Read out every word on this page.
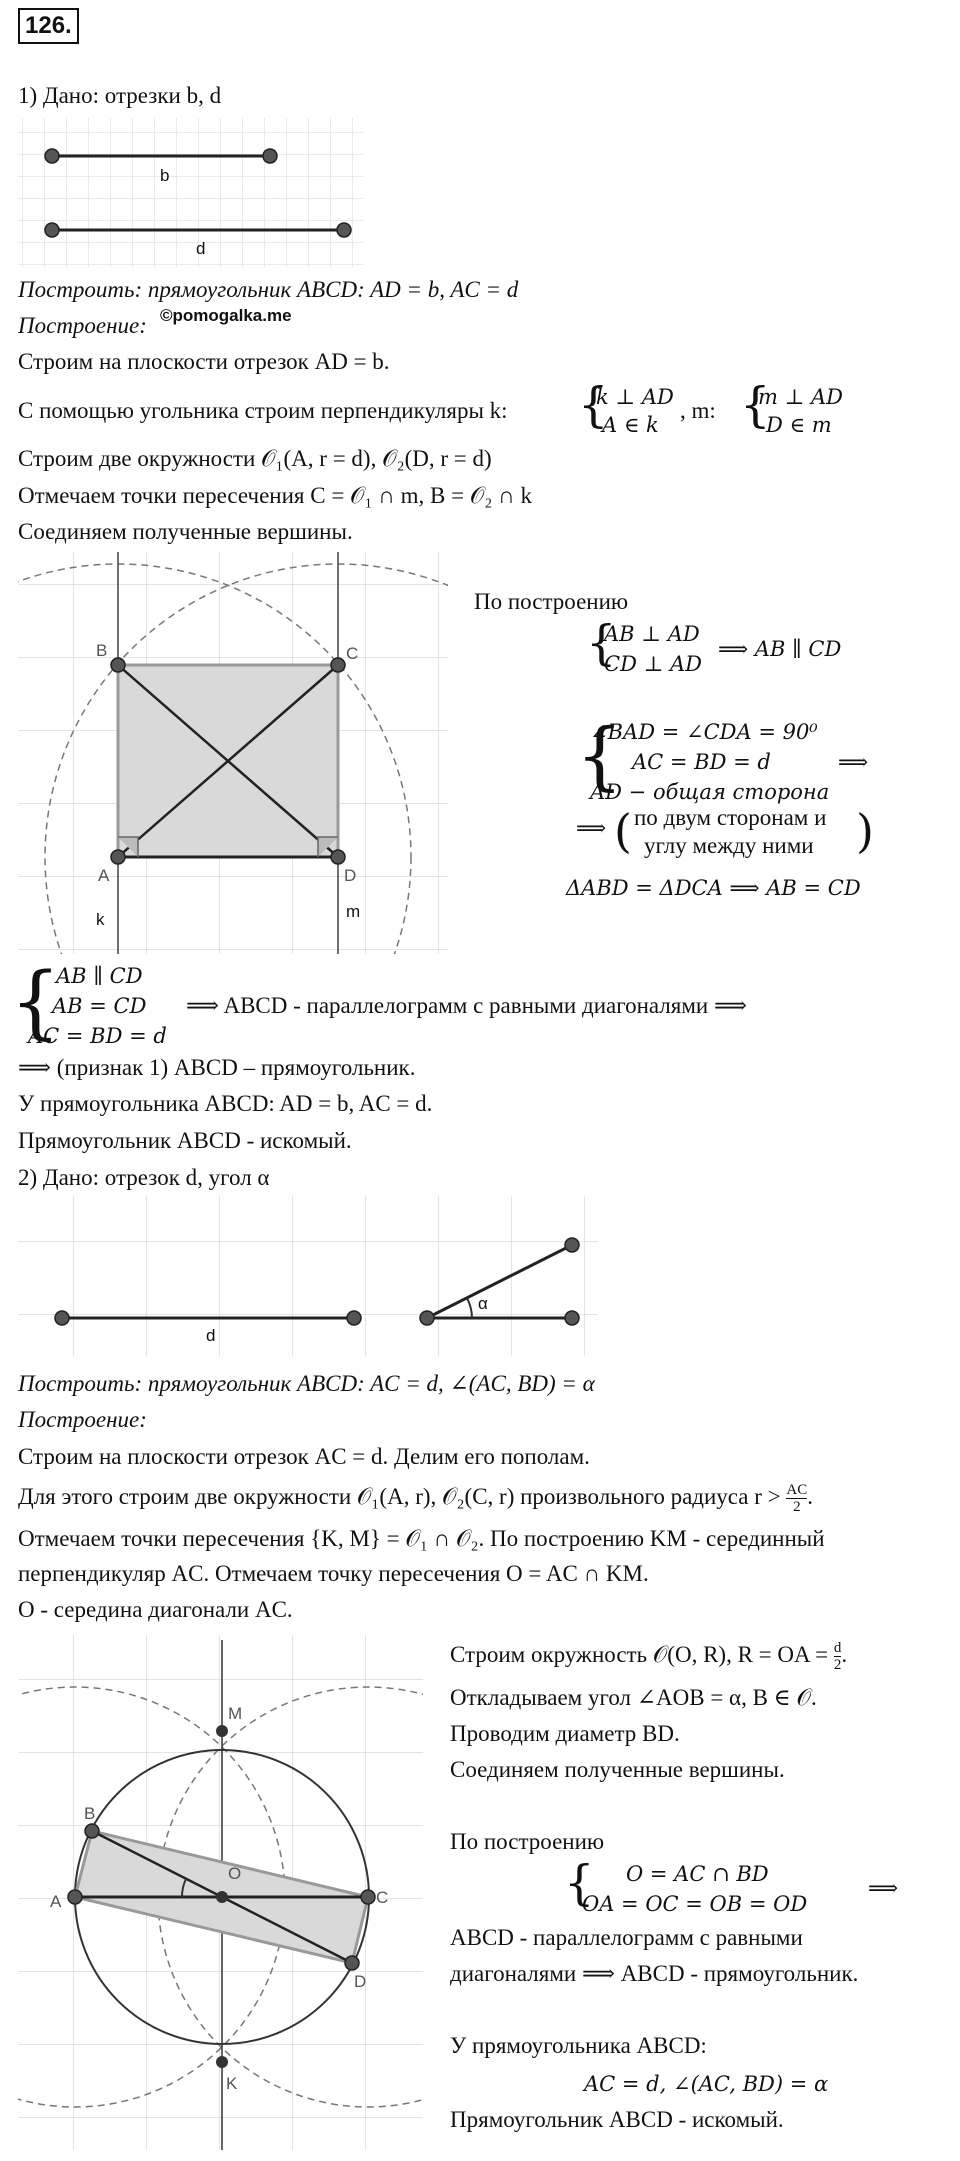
126.
1) Дано: отрезки b, d
b
d
Построить: прямоугольник ABCD: AD = b, AC = d
Построение: ©pomogalka.me
Строим на плоскости отрезок AD = b.
С помощью угольника строим перпендикуляры k: {
k ⊥ AD
A ∈ k
, m: {
m ⊥ AD
D ∈ m
Строим две окружности 𝒪₁(A, r = d), 𝒪₂(D, r = d)
Отмечаем точки пересечения C = 𝒪₁ ∩ m, B = 𝒪₂ ∩ k
Соединяем полученные вершины.
B	C
A	D
k	m
По построению
{
AB ⊥ AD
CD ⊥ AD
⟹ AB ∥ CD
{
∠BAD = ∠CDA = 90⁰
AC = BD = d
AD − общая сторона
⟹
⟹ ( по двум сторонам и
углу между ними )
ΔABD = ΔDCA ⟹ AB = CD
{
AB ∥ CD
AB = CD
AC = BD = d
⟹ ABCD - параллелограмм с равными диагоналями ⟹
⟹ (признак 1) ABCD – прямоугольник.
У прямоугольника ABCD: AD = b, AC = d.
Прямоугольник ABCD - искомый.
2) Дано: отрезок d, угол α
d
α
Построить: прямоугольник ABCD: AC = d, ∠(AC, BD) = α
Построение:
Строим на плоскости отрезок AC = d. Делим его пополам.
Для этого строим две окружности 𝒪₁(A, r), 𝒪₂(C, r) произвольного радиуса $r > \frac{AC}{2}$ .
Отмечаем точки пересечения {K, M} = 𝒪₁ ∩ 𝒪₂. По построению KM - серединный
перпендикуляр AC. Отмечаем точку пересечения O = AC ∩ KM.
O - середина диагонали AC.
M
B
O
A	C
D
K
Строим окружность 𝒪(O, R), R = OA = $\frac{d}{2}$ .
Откладываем угол ∠AOB = α, B ∈ 𝒪.
Проводим диаметр BD.
Соединяем полученные вершины.
По построению
{ O = AC ∩ BD
OA = OC = OB = OD
⟹
ABCD - параллелограмм с равными
диагоналями ⟹ ABCD - прямоугольник.
У прямоугольника ABCD:
AC = d, ∠(AC, BD) = α
Прямоугольник ABCD - искомый.
